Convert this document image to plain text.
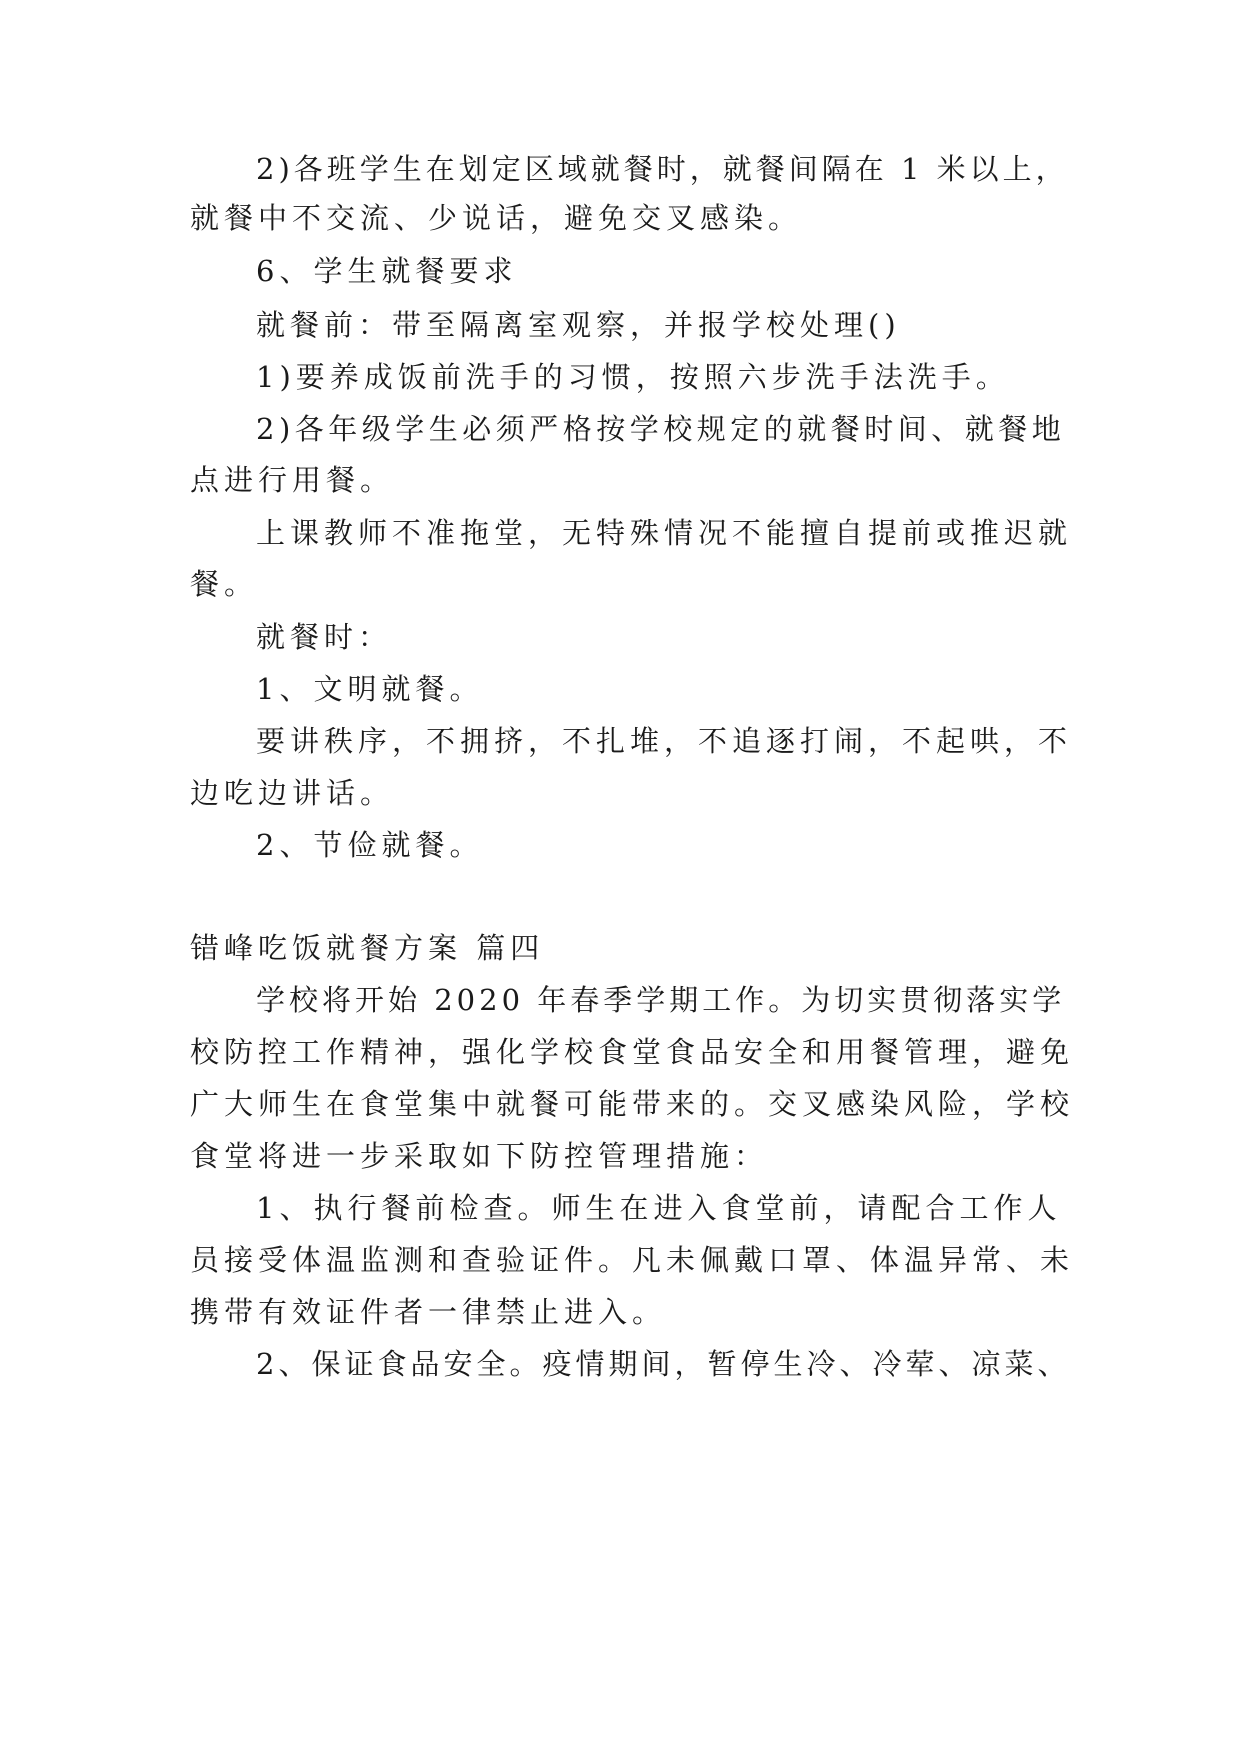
2)各班学生在划定区域就餐时，就餐间隔在 1 米以上，
就餐中不交流、少说话，避免交叉感染。
6、学生就餐要求
就餐前：带至隔离室观察，并报学校处理()
1)要养成饭前洗手的习惯，按照六步洗手法洗手。
2)各年级学生必须严格按学校规定的就餐时间、就餐地
点进行用餐。
上课教师不准拖堂，无特殊情况不能擅自提前或推迟就
餐。
就餐时：
1、文明就餐。
要讲秩序，不拥挤，不扎堆，不追逐打闹，不起哄，不
边吃边讲话。
2、节俭就餐。
错峰吃饭就餐方案 篇四
学校将开始 2020 年春季学期工作。为切实贯彻落实学
校防控工作精神，强化学校食堂食品安全和用餐管理，避免
广大师生在食堂集中就餐可能带来的。交叉感染风险，学校
食堂将进一步采取如下防控管理措施：
1、执行餐前检查。师生在进入食堂前，请配合工作人
员接受体温监测和查验证件。凡未佩戴口罩、体温异常、未
携带有效证件者一律禁止进入。
2、保证食品安全。疫情期间，暂停生冷、冷荤、凉菜、
